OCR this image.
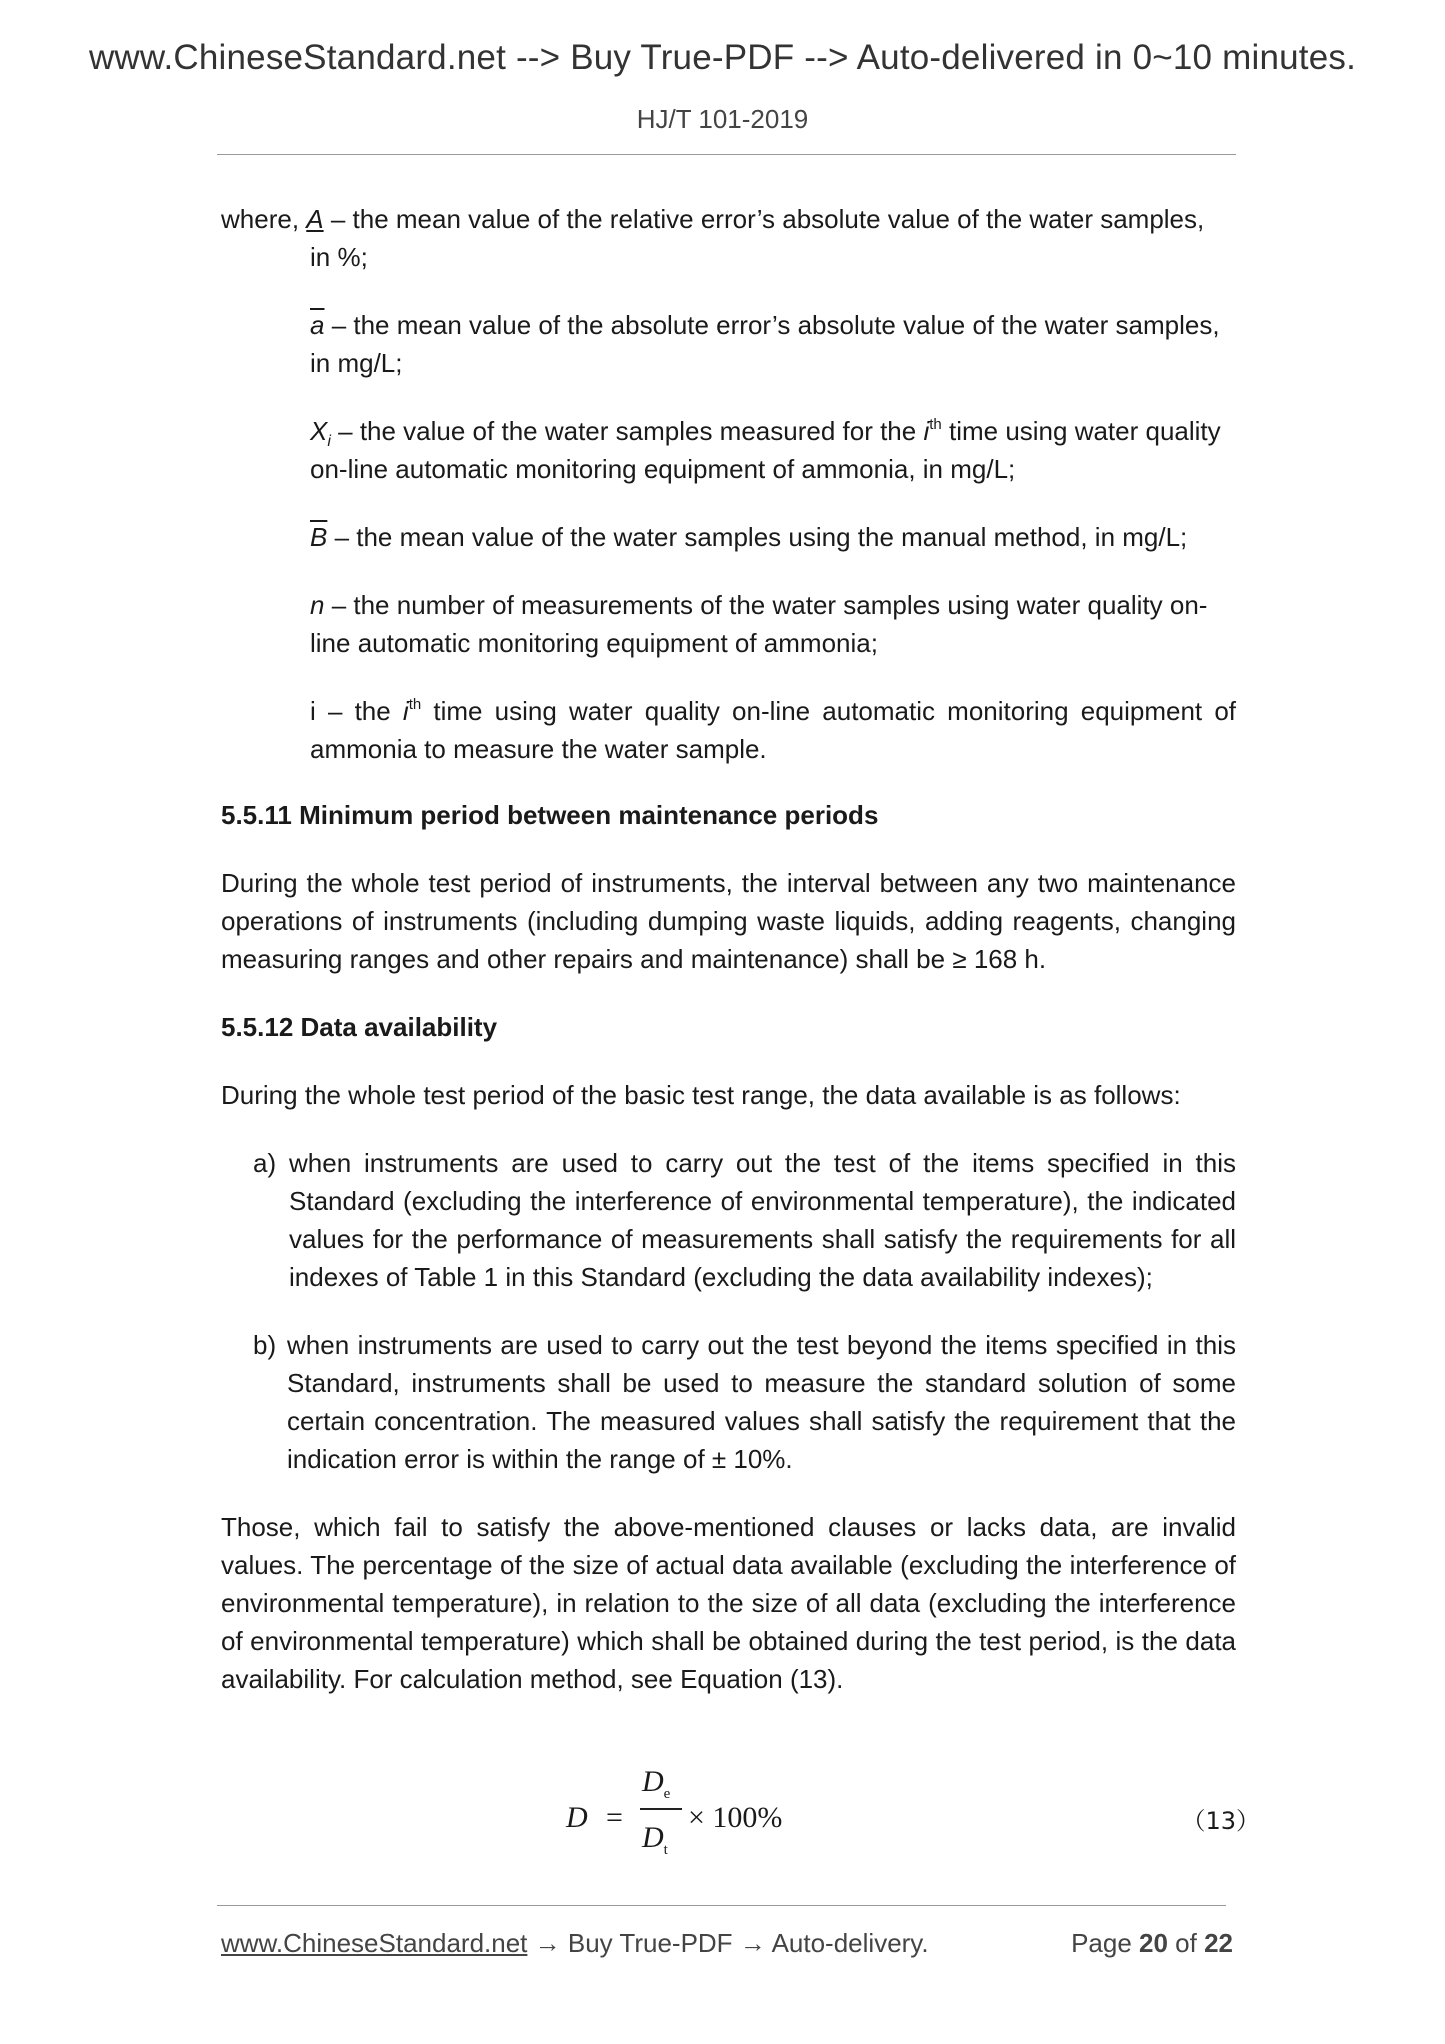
www.ChineseStandard.net --> Buy True-PDF --> Auto-delivered in 0~10 minutes.
HJ/T 101-2019

where, A – the mean value of the relative error’s absolute value of the water samples,
in %;

$\overline{a}$ – the mean value of the absolute error’s absolute value of the water samples, in mg/L;

$X_i$ – the value of the water samples measured for the $i^{th}$ time using water quality on-line automatic monitoring equipment of ammonia, in mg/L;

$\overline{B}$ – the mean value of the water samples using the manual method, in mg/L;

n – the number of measurements of the water samples using water quality on-line automatic monitoring equipment of ammonia;

i – the $i^{th}$ time using water quality on-line automatic monitoring equipment of ammonia to measure the water sample.

5.5.11 Minimum period between maintenance periods

During the whole test period of instruments, the interval between any two maintenance operations of instruments (including dumping waste liquids, adding reagents, changing measuring ranges and other repairs and maintenance) shall be ≥ 168 h.

5.5.12 Data availability

During the whole test period of the basic test range, the data available is as follows:

a) when instruments are used to carry out the test of the items specified in this Standard (excluding the interference of environmental temperature), the indicated values for the performance of measurements shall satisfy the requirements for all indexes of Table 1 in this Standard (excluding the data availability indexes);
b) when instruments are used to carry out the test beyond the items specified in this Standard, instruments shall be used to measure the standard solution of some certain concentration. The measured values shall satisfy the requirement that the indication error is within the range of ± 10%.

Those, which fail to satisfy the above-mentioned clauses or lacks data, are invalid values. The percentage of the size of actual data available (excluding the interference of environmental temperature), in relation to the size of all data (excluding the interference of environmental temperature) which shall be obtained during the test period, is the data availability. For calculation method, see Equation (13).

D =
$D_e$
$D_t$
× 100%	（13）
www.ChineseStandard.net → Buy True-PDF → Auto-delivery.	Page 20 of 22
